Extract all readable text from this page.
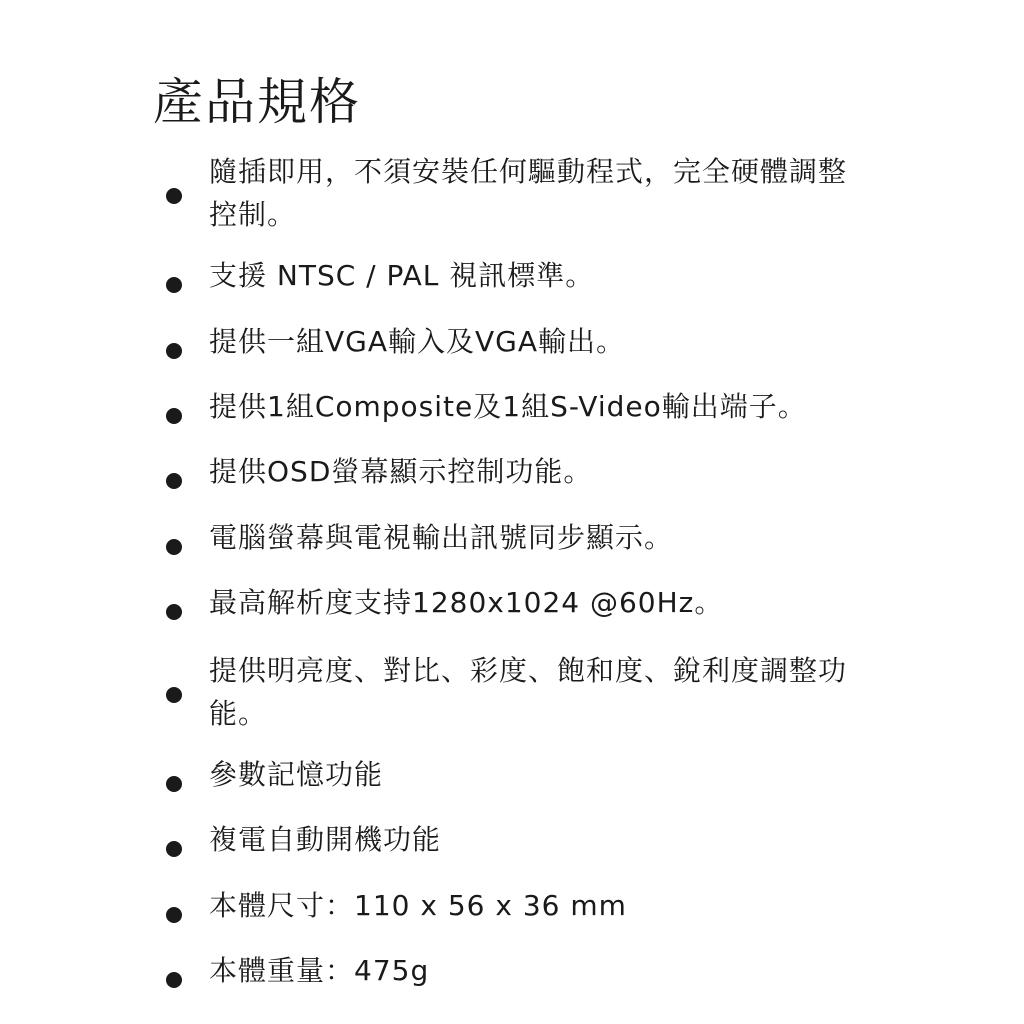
產品規格
隨插即用，不須安裝任何驅動程式，完全硬體調整控制。
支援 NTSC / PAL 視訊標準。
提供一組VGA輸入及VGA輸出。
提供1組Composite及1組S-Video輸出端子。
提供OSD螢幕顯示控制功能。
電腦螢幕與電視輸出訊號同步顯示。
最高解析度支持1280x1024 @60Hz。
提供明亮度、對比、彩度、飽和度、銳利度調整功能。
參數記憶功能
複電自動開機功能
本體尺寸：110 x 56 x 36 mm
本體重量：475g
